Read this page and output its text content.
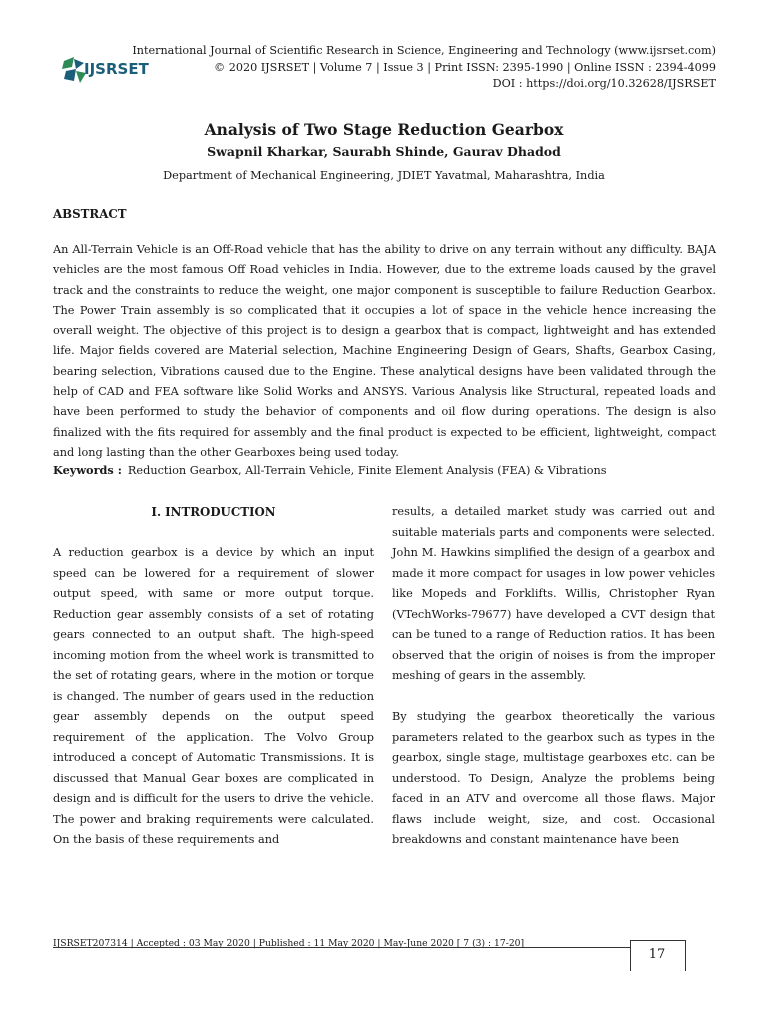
IJSRSET
International Journal of Scientific Research in Science, Engineering and Technology (www.ijsrset.com)
© 2020 IJSRSET | Volume 7 | Issue 3 | Print ISSN: 2395-1990 | Online ISSN : 2394-4099
DOI : https://doi.org/10.32628/IJSRSET
Analysis of Two Stage Reduction Gearbox
Swapnil Kharkar, Saurabh Shinde, Gaurav Dhadod
Department of Mechanical Engineering, JDIET Yavatmal, Maharashtra, India
ABSTRACT

An All-Terrain Vehicle is an Off-Road vehicle that has the ability to drive on any terrain without any difficulty. BAJA vehicles are the most famous Off Road vehicles in India. However, due to the extreme loads caused by the gravel track and the constraints to reduce the weight, one major component is susceptible to failure Reduction Gearbox. The Power Train assembly is so complicated that it occupies a lot of space in the vehicle hence increasing the overall weight. The objective of this project is to design a gearbox that is compact, lightweight and has extended life. Major fields covered are Material selection, Machine Engineering Design of Gears, Shafts, Gearbox Casing, bearing selection, Vibrations caused due to the Engine. These analytical designs have been validated through the help of CAD and FEA software like Solid Works and ANSYS. Various Analysis like Structural, repeated loads and have been performed to study the behavior of components and oil flow during operations. The design is also finalized with the fits required for assembly and the final product is expected to be efficient, lightweight, compact and long lasting than the other Gearboxes being used today.

Keywords : Reduction Gearbox, All-Terrain Vehicle, Finite Element Analysis (FEA) & Vibrations
I. INTRODUCTION

A reduction gearbox is a device by which an input speed can be lowered for a requirement of slower output speed, with same or more output torque. Reduction gear assembly consists of a set of rotating gears connected to an output shaft. The high-speed incoming motion from the wheel work is transmitted to the set of rotating gears, where in the motion or torque is changed. The number of gears used in the reduction gear assembly depends on the output speed requirement of the application. The Volvo Group introduced a concept of Automatic Transmissions. It is discussed that Manual Gear boxes are complicated in design and is difficult for the users to drive the vehicle. The power and braking requirements were calculated. On the basis of these requirements and

results, a detailed market study was carried out and suitable materials parts and components were selected. John M. Hawkins simplified the design of a gearbox and made it more compact for usages in low power vehicles like Mopeds and Forklifts. Willis, Christopher Ryan (VTechWorks-79677) have developed a CVT design that can be tuned to a range of Reduction ratios. It has been observed that the origin of noises is from the improper meshing of gears in the assembly.

By studying the gearbox theoretically the various parameters related to the gearbox such as types in the gearbox, single stage, multistage gearboxes etc. can be understood. To Design, Analyze the problems being faced in an ATV and overcome all those flaws. Major flaws include weight, size, and cost. Occasional breakdowns and constant maintenance have been

IJSRSET207314 | Accepted : 03 May 2020 | Published : 11 May 2020 | May-June 2020 [ 7 (3) : 17-20]
17
